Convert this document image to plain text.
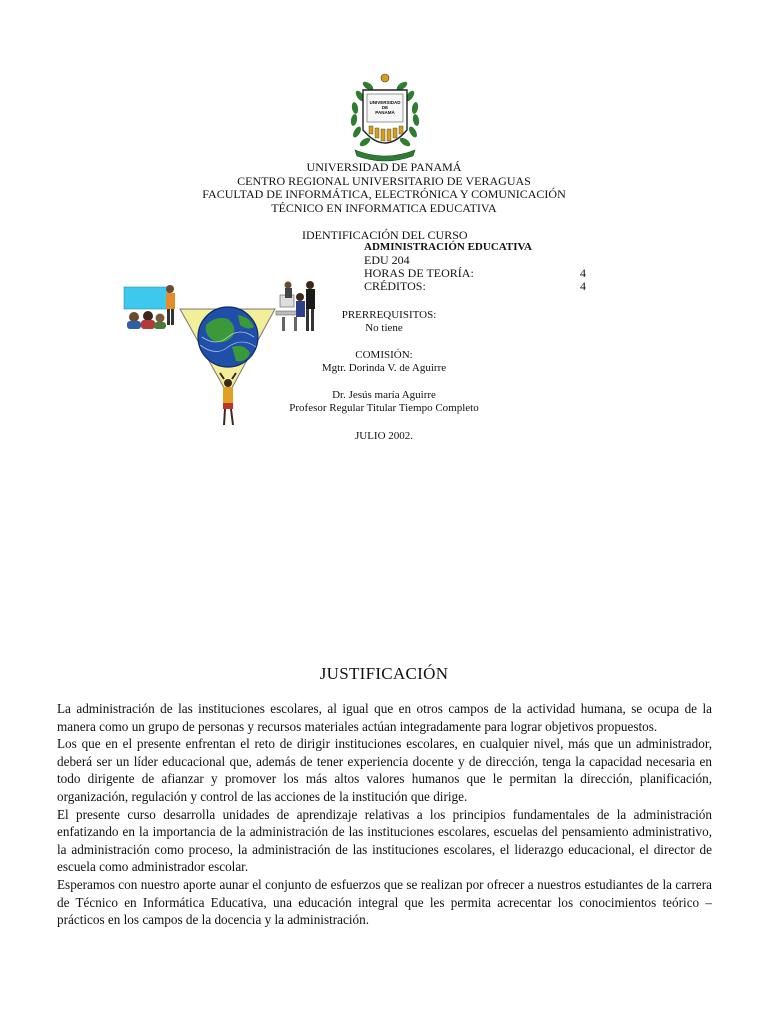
UNIVERSIDAD
DE
PANAMÁ
UNIVERSIDAD DE PANAMÁ
CENTRO REGIONAL UNIVERSITARIO DE VERAGUAS
FACULTAD DE INFORMÁTICA, ELECTRÓNICA Y COMUNICACIÓN
TÉCNICO EN INFORMATICA EDUCATIVA
IDENTIFICACIÓN DEL CURSO
ADMINISTRACIÓN EDUCATIVA
EDU 204
HORAS DE TEORÍA:	4
CRÉDITOS:	4
PRERREQUISITOS:
No tiene
COMISIÓN:
Mgtr. Dorinda V. de Aguirre
Dr. Jesús maría Aguirre
Profesor Regular Titular Tiempo Completo
JULIO 2002.
JUSTIFICACIÓN

La administración de las instituciones escolares, al igual que en otros campos de la actividad humana, se ocupa de la manera como un grupo de personas y recursos materiales actúan integradamente para lograr objetivos propuestos.

Los que en el presente enfrentan el reto de dirigir instituciones escolares, en cualquier nivel, más que un administrador, deberá ser un líder educacional que, además de tener experiencia docente y de dirección, tenga la capacidad necesaria en todo dirigente de afianzar y promover los más altos valores humanos que le permitan la dirección, planificación, organización, regulación y control de las acciones de la institución que dirige.

El presente curso desarrolla unidades de aprendizaje relativas a los principios fundamentales de la administración enfatizando en la importancia de la administración de las instituciones escolares, escuelas del pensamiento administrativo, la administración como proceso, la administración de las instituciones escolares, el liderazgo educacional, el director de escuela como administrador escolar.

Esperamos con nuestro aporte aunar el conjunto de esfuerzos que se realizan por ofrecer a nuestros estudiantes de la carrera de Técnico en Informática Educativa, una educación integral que les permita acrecentar los conocimientos teórico – prácticos en los campos de la docencia y la administración.
